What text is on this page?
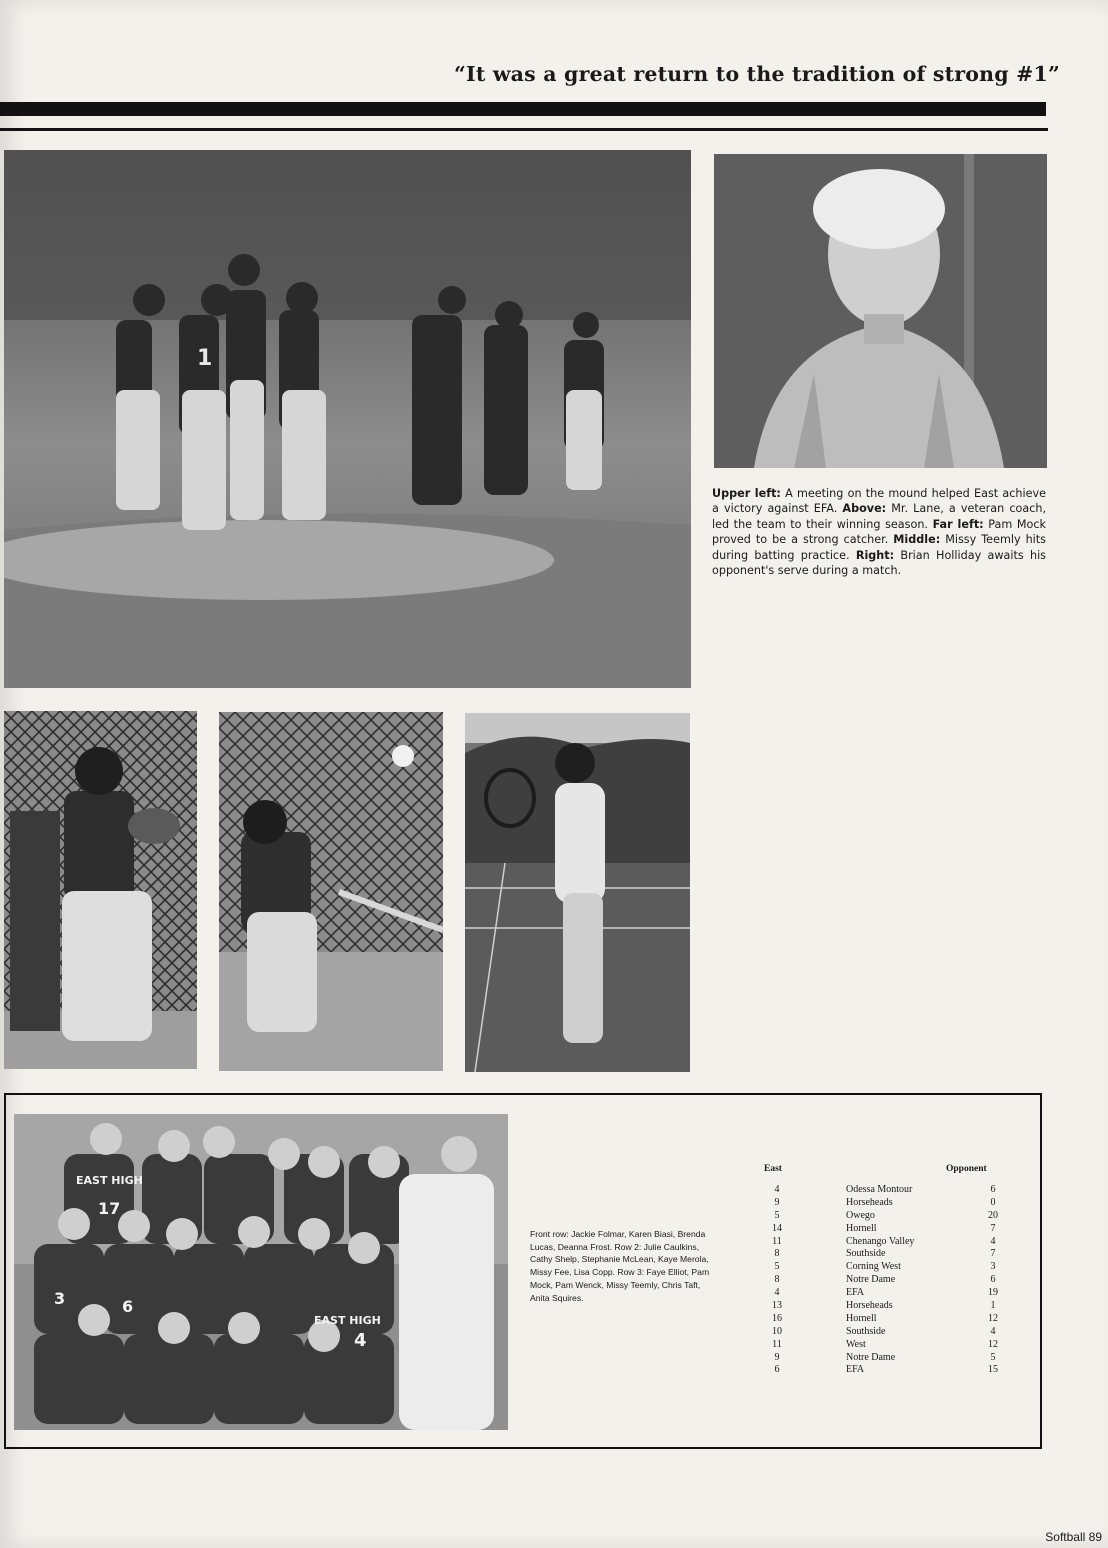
“It was a great return to the tradition of strong #1”
1
Upper left: A meeting on the mound helped East achieve a victory against EFA. Above: Mr. Lane, a veteran coach, led the team to their winning season. Far left: Pam Mock proved to be a strong catcher. Middle: Missy Teemly hits during batting practice. Right: Brian Holliday awaits his opponent's serve during a match.
EAST HIGH
17
EAST HIGH
4
6
3
Front row: Jackie Folmar, Karen Biasi, Brenda Lucas, Deanna Frost. Row 2: Julie Caulkins, Cathy Shelp, Stephanie McLean, Kaye Merola, Missy Fee, Lisa Copp. Row 3: Faye Elliot, Pam Mock, Pam Wenck, Missy Teemly, Chris Taft, Anita Squires.
East	Opponent
4	Odessa Montour	6
9	Horseheads	0
5	Owego	20
14	Hornell	7
11	Chenango Valley	4
8	Southside	7
5	Corning West	3
8	Notre Dame	6
4	EFA	19
13	Horseheads	1
16	Hornell	12
10	Southside	4
11	West	12
9	Notre Dame	5
6	EFA	15
Softball 89
